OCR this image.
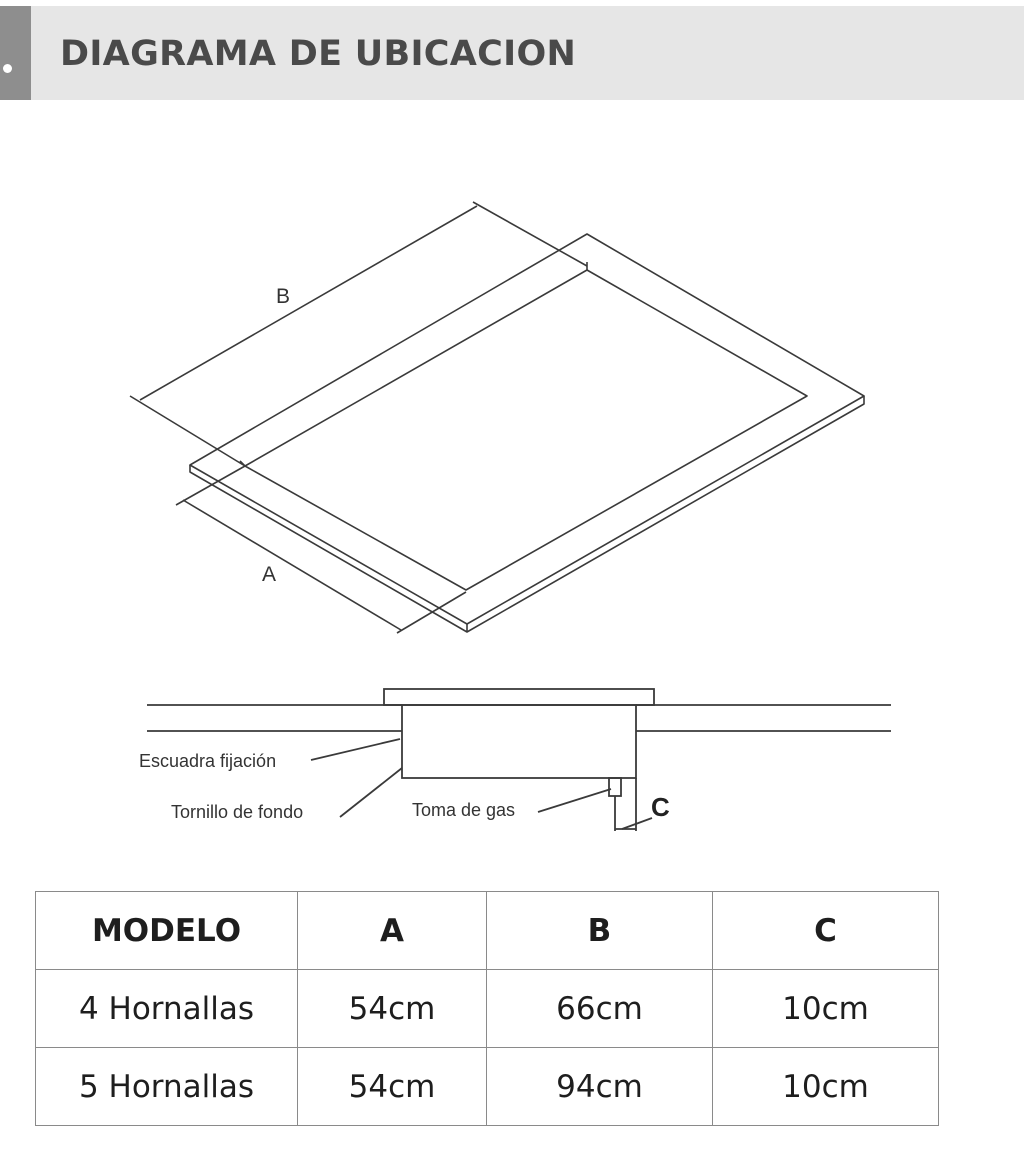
DIAGRAMA DE UBICACION
B
A
Escuadra fijación
Tornillo de fondo	Toma de gas	C
MODELO	A	B	C
4 Hornallas	54cm	66cm	10cm
5 Hornallas	54cm	94cm	10cm
